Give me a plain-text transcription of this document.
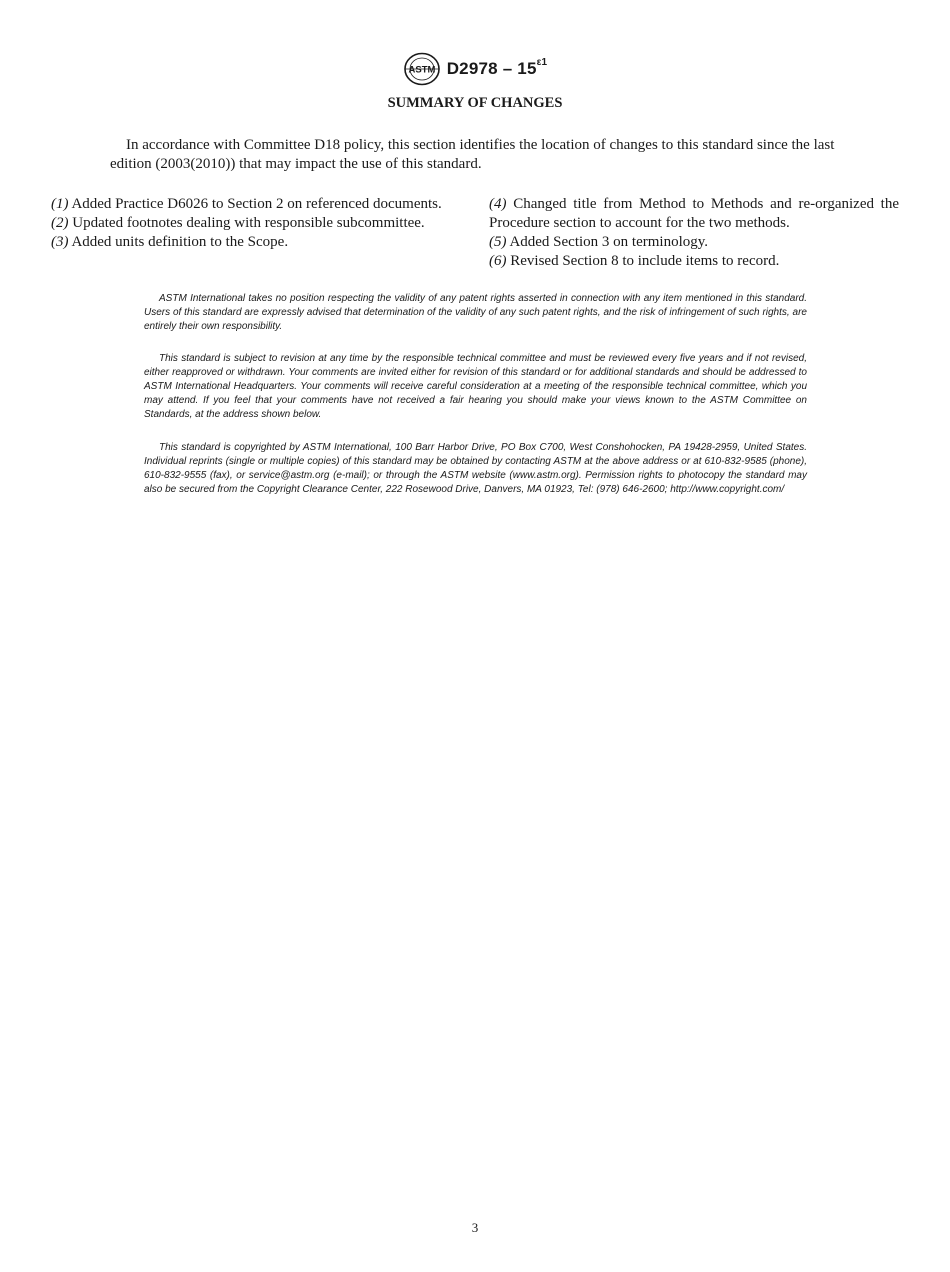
ASTM $D2978 - 15^{\varepsilon 1}$
SUMMARY OF CHANGES
In accordance with Committee D18 policy, this section identifies the location of changes to this standard since the last edition (2003(2010)) that may impact the use of this standard.

(1) Added Practice D6026 to Section 2 on referenced documents.

(2) Updated footnotes dealing with responsible subcommittee.

(3) Added units definition to the Scope.

(4) Changed title from Method to Methods and re-organized the Procedure section to account for the two methods.

(5) Added Section 3 on terminology.

(6) Revised Section 8 to include items to record.

ASTM International takes no position respecting the validity of any patent rights asserted in connection with any item mentioned in this standard. Users of this standard are expressly advised that determination of the validity of any such patent rights, and the risk of infringement of such rights, are entirely their own responsibility.

This standard is subject to revision at any time by the responsible technical committee and must be reviewed every five years and if not revised, either reapproved or withdrawn. Your comments are invited either for revision of this standard or for additional standards and should be addressed to ASTM International Headquarters. Your comments will receive careful consideration at a meeting of the responsible technical committee, which you may attend. If you feel that your comments have not received a fair hearing you should make your views known to the ASTM Committee on Standards, at the address shown below.

This standard is copyrighted by ASTM International, 100 Barr Harbor Drive, PO Box C700, West Conshohocken, PA 19428-2959, United States. Individual reprints (single or multiple copies) of this standard may be obtained by contacting ASTM at the above address or at 610-832-9585 (phone), 610-832-9555 (fax), or service@astm.org (e-mail); or through the ASTM website (www.astm.org). Permission rights to photocopy the standard may also be secured from the Copyright Clearance Center, 222 Rosewood Drive, Danvers, MA 01923, Tel: (978) 646-2600; http://www.copyright.com/

3
